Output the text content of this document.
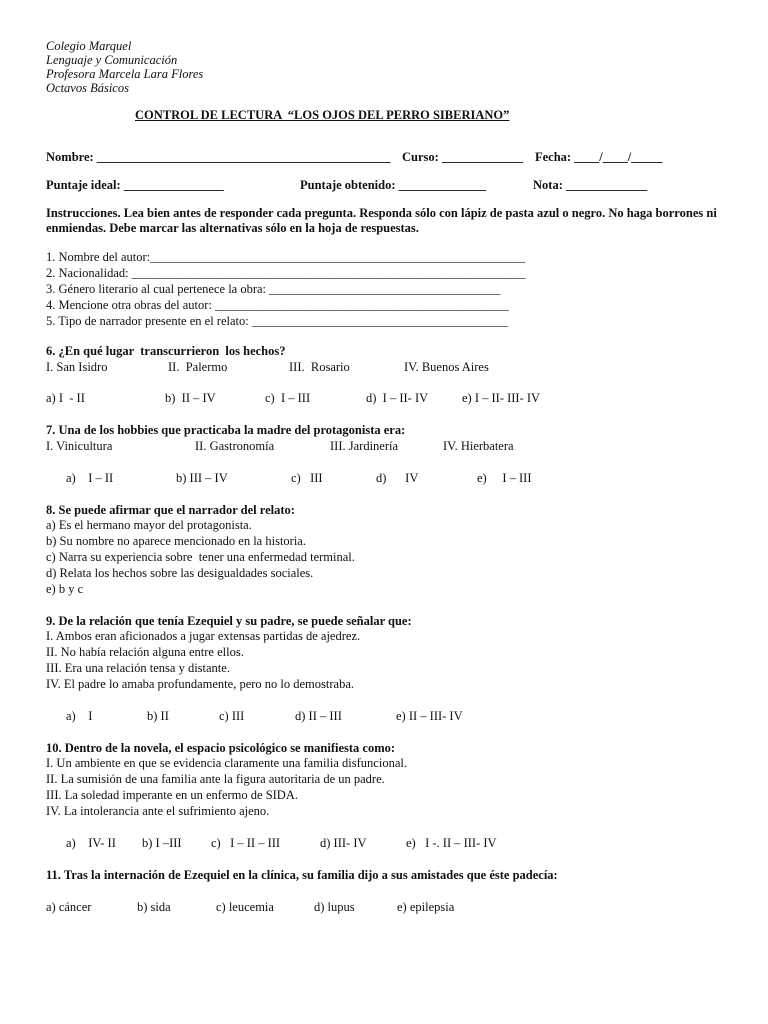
Colegio Marquel
Lenguaje y Comunicación
Profesora Marcela Lara Flores
Octavos Básicos
CONTROL DE LECTURA  “LOS OJOS DEL PERRO SIBERIANO”
Nombre: _______________________________________________ Curso: _____________ Fecha: ____/____/_____
Puntaje ideal: ________________	Puntaje obtenido: ______________	Nota: _____________
Instrucciones. Lea bien antes de responder cada pregunta. Responda sólo con lápiz de pasta azul o negro. No haga borrones ni enmiendas. Debe marcar las alternativas sólo en la hoja de respuestas.
1. Nombre del autor:____________________________________________________________
2. Nacionalidad: _______________________________________________________________
3. Género literario al cual pertenece la obra: _____________________________________
4. Mencione otra obras del autor: _______________________________________________
5. Tipo de narrador presente en el relato: _________________________________________
6. ¿En qué lugar  transcurrieron  los hechos?
I. San Isidro	II.  Palermo	III.  Rosario	IV. Buenos Aires
a) I  - II	b)  II – IV	c)  I – III	d)  I – II- IV	e) I – II- III- IV
7. Una de los hobbies que practicaba la madre del protagonista era:
I. Vinicultura	II. Gastronomía	III. Jardinería	IV. Hierbatera
a)    I – II	b) III – IV	c)   III	d)      IV	e)     I – III
8. Se puede afirmar que el narrador del relato:
a) Es el hermano mayor del protagonista.
b) Su nombre no aparece mencionado en la historia.
c) Narra su experiencia sobre  tener una enfermedad terminal.
d) Relata los hechos sobre las desigualdades sociales.
e) b y c
9. De la relación que tenía Ezequiel y su padre, se puede señalar que:
I. Ambos eran aficionados a jugar extensas partidas de ajedrez.
II. No había relación alguna entre ellos.
III. Era una relación tensa y distante.
IV. El padre lo amaba profundamente, pero no lo demostraba.
a)    I	b) II	c) III	d) II – III	e) II – III- IV
10. Dentro de la novela, el espacio psicológico se manifiesta como:
I. Un ambiente en que se evidencia claramente una familia disfuncional.
II. La sumisión de una familia ante la figura autoritaria de un padre.
III. La soledad imperante en un enfermo de SIDA.
IV. La intolerancia ante el sufrimiento ajeno.
a)    IV- II b) I –III c)   I – II – III	d) III- IV	e)   I -. II – III- IV
11. Tras la internación de Ezequiel en la clínica, su familia dijo a sus amistades que éste padecía:
a) cáncer	b) sida	c) leucemia	d) lupus	e) epilepsia
